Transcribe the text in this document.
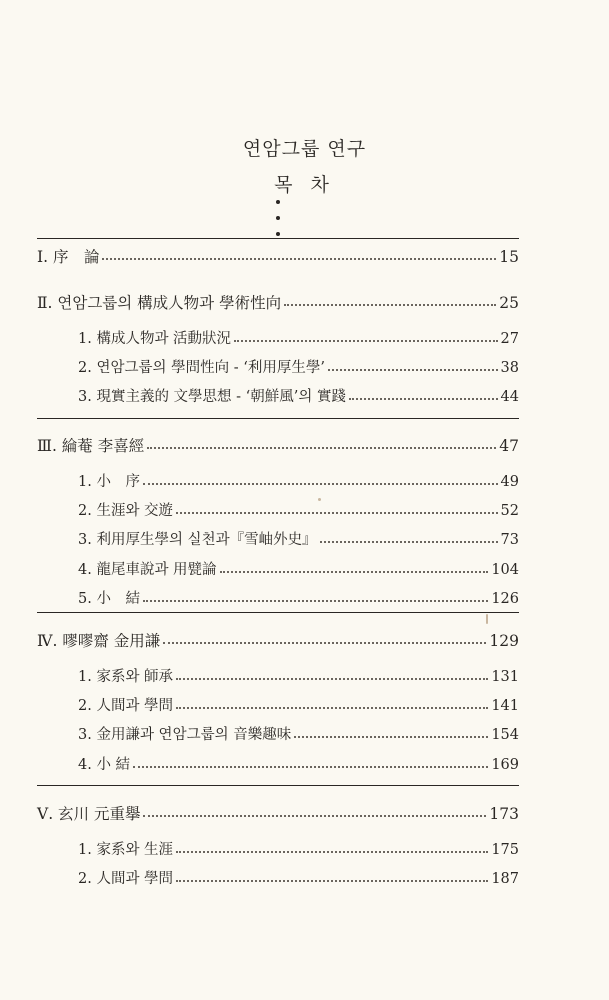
연암그룹 연구
목 차
Ⅰ. 序　論	15
Ⅱ. 연암그룹의 構成人物과 學術性向	25
1. 構成人物과 活動狀況	27
2. 연암그룹의 學問性向 - ‘利用厚生學’	38
3. 現實主義的 文學思想 - ‘朝鮮風’의 實踐	44
Ⅲ. 綸菴 李喜經	47
1. 小　序	49
2. 生涯와 交遊	52
3. 利用厚生學의 실천과『雪岫外史』	73
4. 龍尾車說과 用甓論	104
5. 小　結	126
Ⅳ. 嘐嘐齋 金用謙	129
1. 家系와 師承	131
2. 人間과 學問	141
3. 金用謙과 연암그룹의 音樂趣味	154
4. 小 結	169
Ⅴ. 玄川 元重擧	173
1. 家系와 生涯	175
2. 人間과 學問	187
